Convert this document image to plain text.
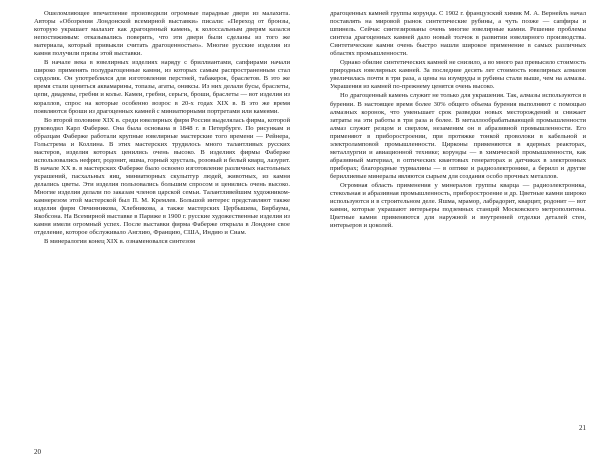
Ошеломляющее впечатление производили огромные парадные двери из малахита. Авторы «Обозрения Лондонской всемирной выставки» писали: «Переход от бронзы, которую украшает малахит как драгоценный камень, к колоссальным дверям казался непостижимым: отказывались поверить, что эти двери были сделаны из того же материала, который привыкли считать драгоценностью». Многие русские изделия из камня получили призы этой выставки.

В начале века в ювелирных изделиях наряду с бриллиантами, сапфирами начали широко применять полудрагоценные камни, из которых самым распространенным стал сердолик. Он употреблялся для изготовления перстней, табакерок, браслетов. В это же время стали цениться аквамарины, топазы, агаты, ониксы. Из них делали бусы, браслеты, цепи, диадемы, гребни и колье. Камеи, гребни, серьги, броши, браслеты — вот изделия из кораллов, спрос на которые особенно возрос в 20-х годах XIX в. В это же время появляются броши из драгоценных камней с миниатюрными портретами или камеями.

Во второй половине XIX в. среди ювелирных фирм России выделялась фирма, которой руководил Карл Фаберже. Она была основана в 1848 г. в Петербурге. По рисункам и образцам Фаберже работали крупные ювелирные мастерские того времени — Рейнера, Гольстрема и Коллина. В этих мастерских трудилось много талантливых русских мастеров, изделия которых ценились очень высоко. В изделиях фирмы Фаберже использовались нефрит, родонит, яшма, горный хрусталь, розовый и белый кварц, лазурит. В начале XX в. в мастерских Фаберже было освоено изготовление различных настольных украшений, пасхальных яиц, миниатюрных скульптур людей, животных, из камня делались цветы. Эти изделия пользовались большим спросом и ценились очень высоко. Многие изделия делали по заказам членов царской семьи. Талантливейшим художником-камнерезом этой мастерской был П. М. Кремлев. Большой интерес представляют также изделия фирм Овчинникова, Хлебникова, а также мастерских Цербышева, Бирбаума, Якобсона. На Всемирной выставке в Париже в 1900 г. русские художественные изделия из камня имели огромный успех. После выставки фирма Фаберже открыла в Лондоне свое отделение, которое обслуживало Англию, Францию, США, Индию и Сиам.

В минералогии конец XIX в. ознаменовался синтезом

20

драгоценных камней группы корунда. С 1902 г. французский химик М. А. Вернейль начал поставлять на мировой рынок синтетические рубины, а чуть позже — сапфиры и шпинель. Сейчас синтезированы очень многие ювелирные камни. Решение проблемы синтеза драгоценных камней дало новый толчок в развитии ювелирного производства. Синтетические камни очень быстро нашли широкое применение в самых различных областях промышленности.

Однако обилие синтетических камней не снизило, а во много раз превысило стоимость природных ювелирных камней. За последние десять лет стоимость ювелирных алмазов увеличилась почти в три раза, а цены на изумруды и рубины стали выше, чем на алмазы. Украшения из камней по-прежнему ценятся очень высоко.

Но драгоценный камень служит не только для украшения. Так, алмазы используются в бурении. В настоящее время более 30% общего объема бурения выполняют с помощью алмазных коронок, что уменьшает срок разведки новых месторождений и снижает затраты на эти работы в три раза и более. В металлообрабатывающей промышленности алмаз служит резцом и сверлом, незаменим он в абразивной промышленности. Его применяют в приборостроении, при протяжке тонкой проволоки в кабельной и электроламповой промышленности. Цирконы применяются в ядерных реакторах, металлургии и авиационной технике; корунды — в химической промышленности, как абразивный материал, в оптических квантовых генераторах и датчиках в электронных приборах; благородные турмалины — в оптике и радиоэлектронике, а берилл и другие бериллиевые минералы являются сырьем для создания особо прочных металлов.

Огромная область применения у минералов группы кварца — радиоэлектроника, стекольная и абразивная промышленность, приборостроение и др. Цветные камни широко используются и в строительном деле. Яшма, мрамор, лабрадорит, кварцит, родонит — вот камни, которые украшают интерьеры подземных станций Московского метрополитена. Цветные камни применяются для наружной и внутренней отделки деталей стен, интерьеров и цоколей.

21
